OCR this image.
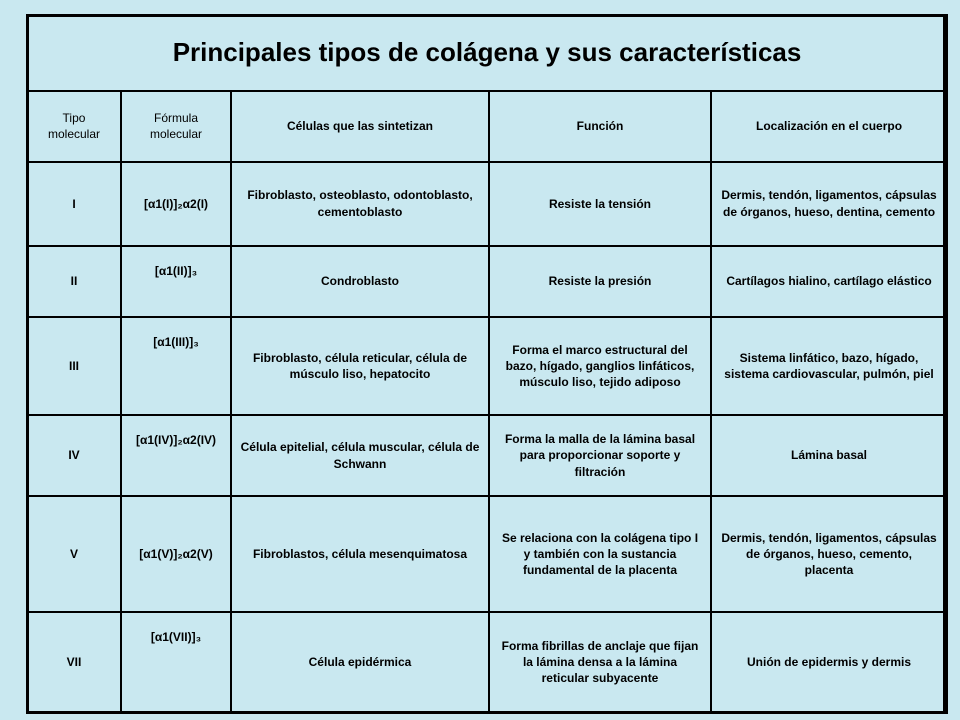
Principales tipos de colágena y sus características				
Tipo molecular	Fórmula molecular	Células que las sintetizan	Función	Localización en el cuerpo
I	[α1(I)]₂α2(I)	Fibroblasto, osteoblasto, odontoblasto, cementoblasto	Resiste la tensión	Dermis, tendón, ligamentos, cápsulas de órganos, hueso, dentina, cemento
II	[α1(II)]₃	Condroblasto	Resiste la presión	Cartílagos hialino, cartílago elástico
III	[α1(III)]₃	Fibroblasto, célula reticular, célula de músculo liso, hepatocito	Forma el marco estructural del bazo, hígado, ganglios linfáticos, músculo liso, tejido adiposo	Sistema linfático, bazo, hígado, sistema cardiovascular, pulmón, piel
IV	[α1(IV)]₂α2(IV)	Célula epitelial, célula muscular, célula de Schwann	Forma la malla de la lámina basal para proporcionar soporte y filtración	Lámina basal
V	[α1(V)]₂α2(V)	Fibroblastos, célula mesenquimatosa	Se relaciona con la colágena tipo I y también con la sustancia fundamental de la placenta	Dermis, tendón, ligamentos, cápsulas de órganos, hueso, cemento, placenta
VII	[α1(VII)]₃	Célula epidérmica	Forma fibrillas de anclaje que fijan la lámina densa a la lámina reticular subyacente	Unión de epidermis y dermis
